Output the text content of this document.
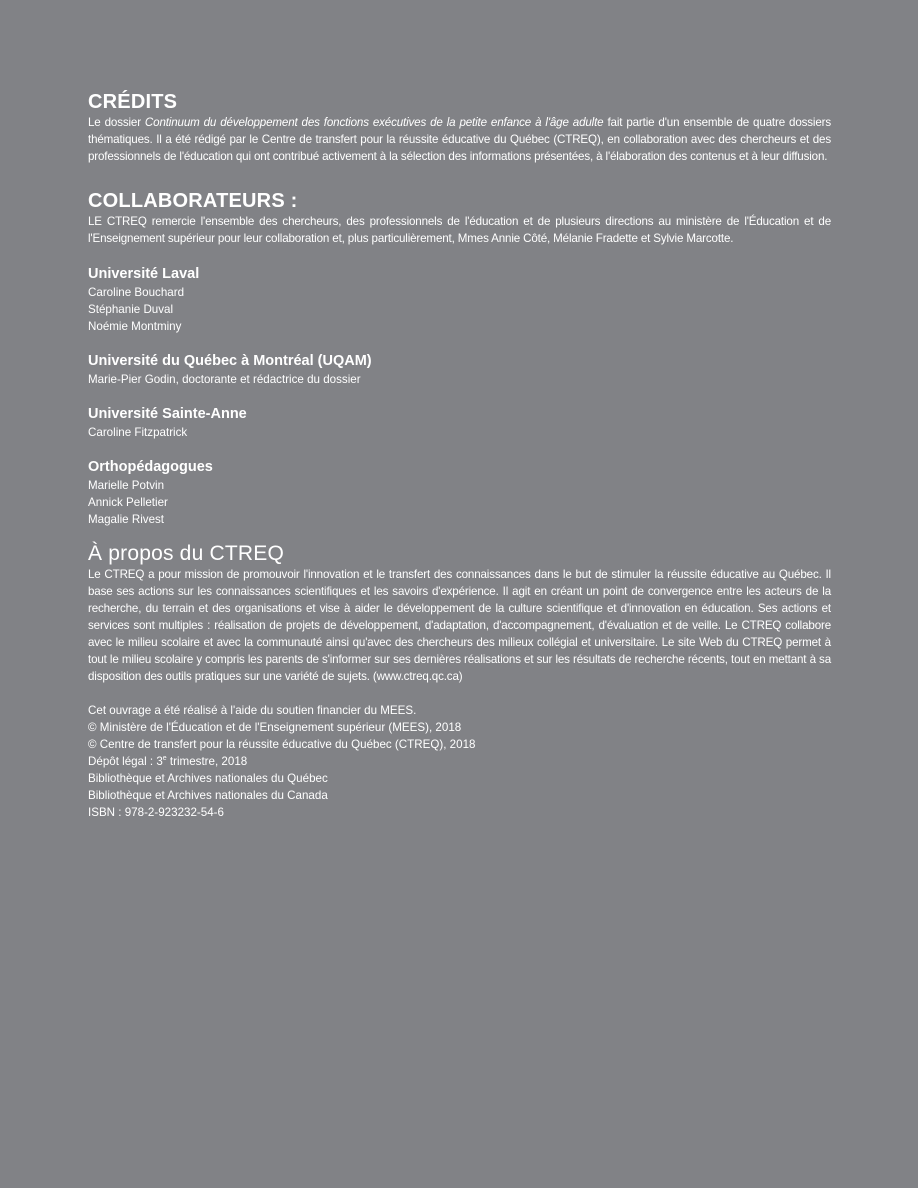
CRÉDITS

Le dossier Continuum du développement des fonctions exécutives de la petite enfance à l'âge adulte fait partie d'un ensemble de quatre dossiers thématiques. Il a été rédigé par le Centre de transfert pour la réussite éducative du Québec (CTREQ), en collaboration avec des chercheurs et des professionnels de l'éducation qui ont contribué activement à la sélection des informations présentées, à l'élaboration des contenus et à leur diffusion.

COLLABORATEURS :

LE CTREQ remercie l'ensemble des chercheurs, des professionnels de l'éducation et de plusieurs directions au ministère de l'Éducation et de l'Enseignement supérieur pour leur collaboration et, plus particulièrement, Mmes Annie Côté, Mélanie Fradette et Sylvie Marcotte.

Université Laval

Caroline Bouchard

Stéphanie Duval

Noémie Montminy

Université du Québec à Montréal (UQAM)

Marie-Pier Godin, doctorante et rédactrice du dossier

Université Sainte-Anne

Caroline Fitzpatrick

Orthopédagogues

Marielle Potvin

Annick Pelletier

Magalie Rivest

À propos du CTREQ

Le CTREQ a pour mission de promouvoir l'innovation et le transfert des connaissances dans le but de stimuler la réussite éducative au Québec. Il base ses actions sur les connaissances scientifiques et les savoirs d'expérience. Il agit en créant un point de convergence entre les acteurs de la recherche, du terrain et des organisations et vise à aider le développement de la culture scientifique et d'innovation en éducation. Ses actions et services sont multiples : réalisation de projets de développement, d'adaptation, d'accompagnement, d'évaluation et de veille. Le CTREQ collabore avec le milieu scolaire et avec la communauté ainsi qu'avec des chercheurs des milieux collégial et universitaire. Le site Web du CTREQ permet à tout le milieu scolaire y compris les parents de s'informer sur ses dernières réalisations et sur les résultats de recherche récents, tout en mettant à sa disposition des outils pratiques sur une variété de sujets. (www.ctreq.qc.ca)

Cet ouvrage a été réalisé à l'aide du soutien financier du MEES.

© Ministère de l'Éducation et de l'Enseignement supérieur (MEES), 2018

© Centre de transfert pour la réussite éducative du Québec (CTREQ), 2018

Dépôt légal : 3e trimestre, 2018

Bibliothèque et Archives nationales du Québec

Bibliothèque et Archives nationales du Canada

ISBN : 978-2-923232-54-6
